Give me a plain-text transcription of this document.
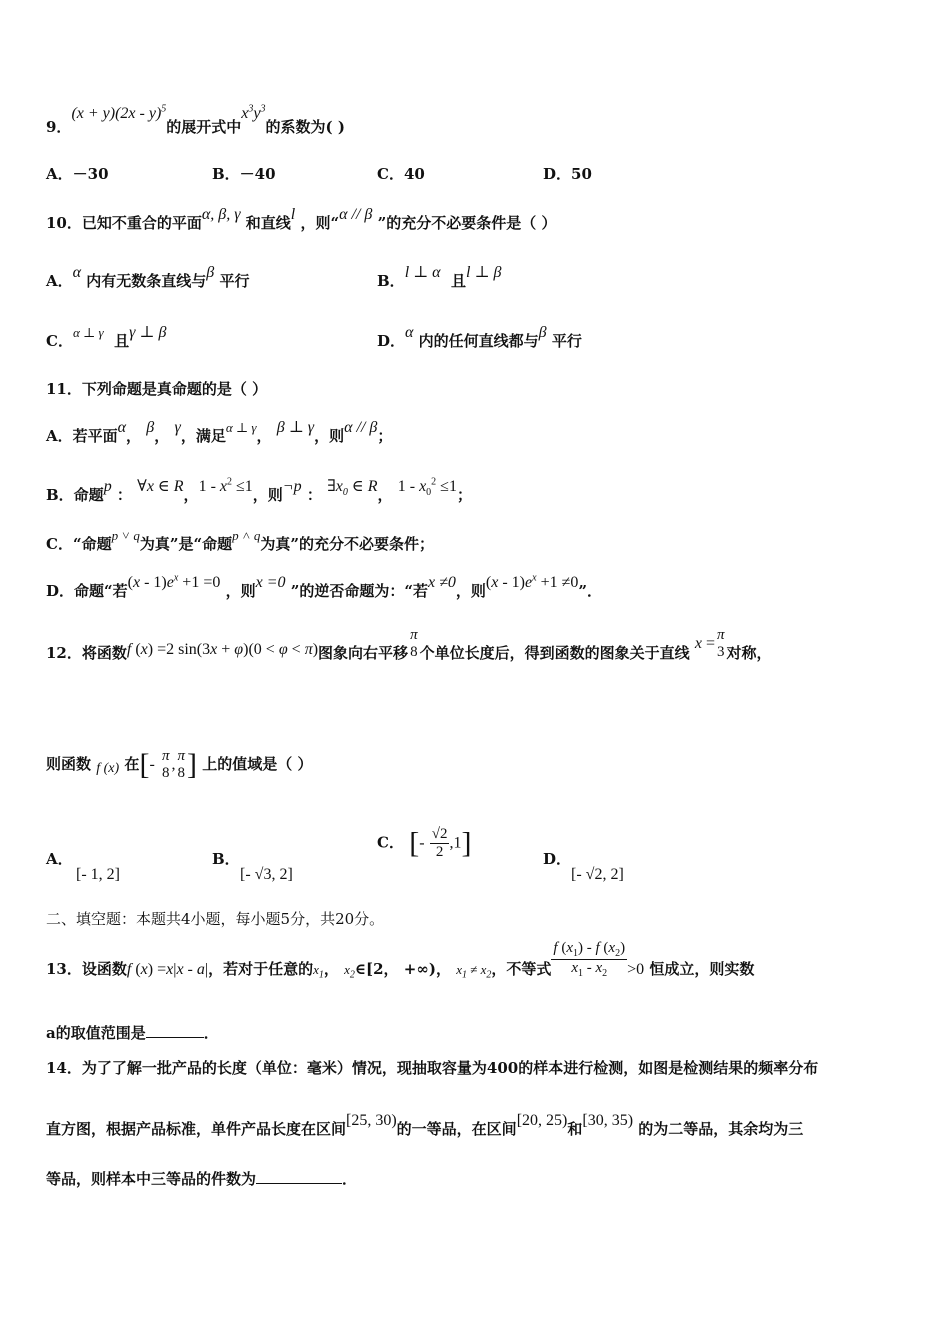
9．(x + y)(2x - y)$^5$的展开式中$x^3y^3$的系数为( )
A．－30	B．－40	C．40	D．50
10．已知不重合的平面α, β, γ 和直线l ，则“α // β ”的充分不必要条件是（ ）
A．α 内有无数条直线与β 平行	B．l ⊥ α 且l ⊥ β
C．α ⊥ γ 且γ ⊥ β	D．α 内的任何直线都与β 平行
11．下列命题是真命题的是（ ）
A．若平面α， β， γ，满足α ⊥ γ， β ⊥ γ，则α // β；
B．命题p ： ∀x ∈ R，$1 - x^2 \le 1$，则¬p ： $\exists x_0$ ∈ R， $1 - x_0^2 \le 1$；
C．“命题p ˅ q为真”是“命题p ˄ q为真”的充分不必要条件；
D．命题“若$(x - 1)e^x +1 =0$ ，则x =0 ”的逆否命题为：“若x ≠0，则$(x - 1)e^x +1 \ne 0$”．
12．将函数f (x) =2 sin(3x + φ)(0 < φ < π)图象向右平移
π
8 个单位长度后，得到函数的图象关于直线 x = π
3 对称，
则函数 f (x) 在[- π
8 , π
8 ] 上的值域是（ ）
A．
[- 1, 2]
B．
[- √3, 2]
C． [- $\frac{√2}{2} ,1$]	D．
[- √2, 2]
二、填空题：本题共4小题，每小题5分，共20分。
13．设函数f (x) =x|x - a|，若对于任意的$x_1$， $x_2\in[2$， +∞)， $x_1 \ne x_2$，不等式 $\frac{f (x_1) - f (x_2)}{x_1 - x_2} >0$ 恒成立，则实数
a的取值范围是	．
14．为了了解一批产品的长度（单位：毫米）情况，现抽取容量为400的样本进行检测，如图是检测结果的频率分布
直方图，根据产品标准，单件产品长度在区间[25, 30)的一等品，在区间[20, 25)和[30, 35) 的为二等品，其余均为三
等品，则样本中三等品的件数为	．
